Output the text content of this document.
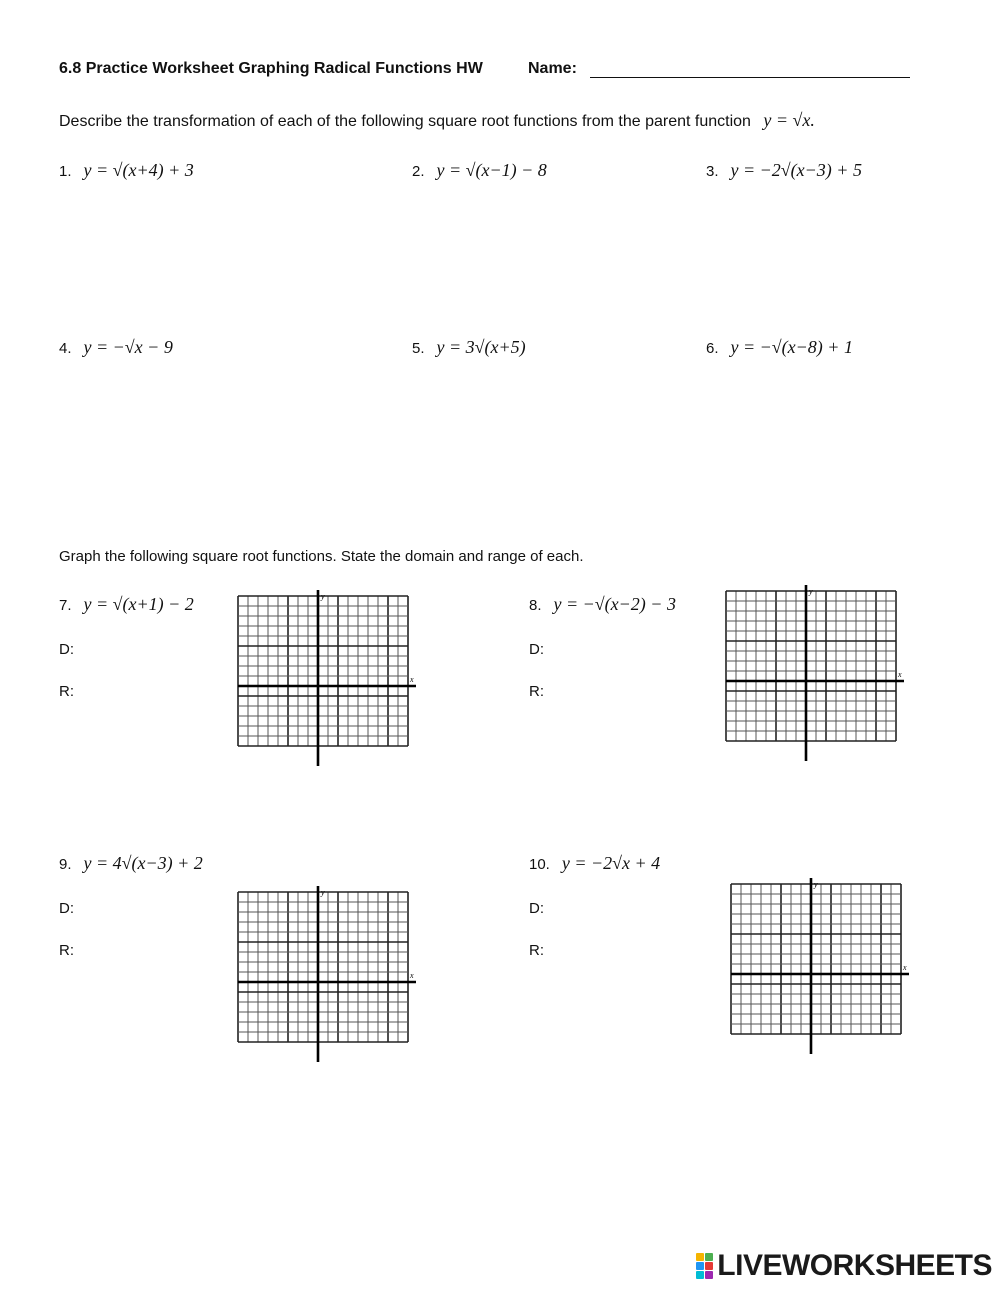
6.8 Practice Worksheet Graphing Radical Functions HW	Name:
Describe the transformation of each of the following square root functions from the parent function y = √x.
1. y = √(x+4) + 3	2. y = √(x−1) − 8	3. y = −2√(x−3) + 5
4. y = −√x − 9	5. y = 3√(x+5)	6. y = −√(x−8) + 1
Graph the following square root functions. State the domain and range of each.
7. y = √(x+1) − 2
D:
R:
y
x
8. y = −√(x−2) − 3
D:
R:
y
x
9. y = 4√(x−3) + 2
D:
R:
y
x
10. y = −2√x + 4
D:
R:
y
x
LIVEWORKSHEETS
